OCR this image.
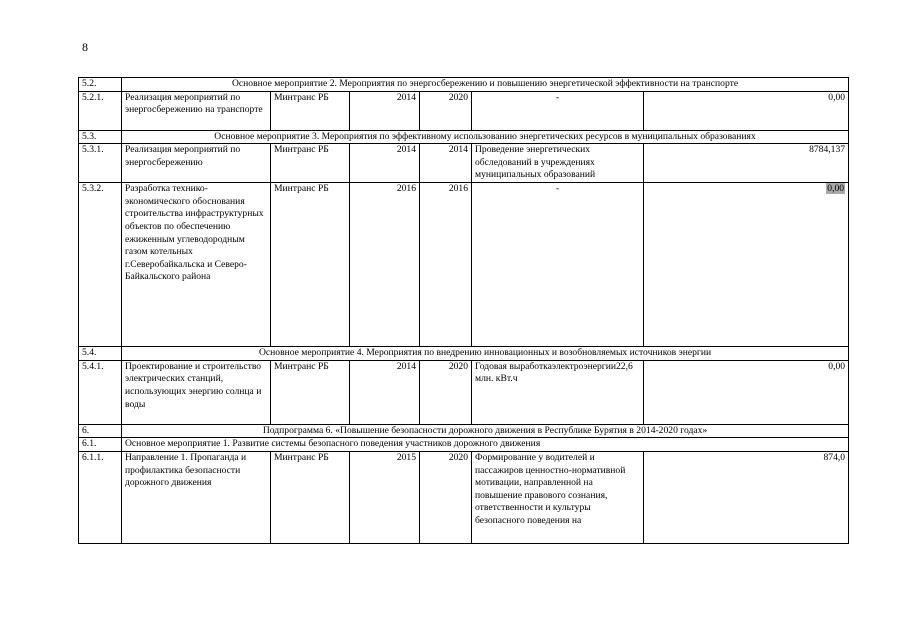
8
5.2.	Основное мероприятие 2. Мероприятия по энергосбережению и повышению энергетической эффективности на транспорте					
5.2.1.	Реализация мероприятий по энергосбережению на транспорте	Минтранс РБ	2014	2020	-	0,00
5.3.	Основное мероприятие 3. Мероприятия по эффективному использованию энергетических ресурсов в муниципальных образованиях					
5.3.1.	Реализация мероприятий по энергосбережению	Минтранс РБ	2014	2014	Проведение энергетических обследований в учреждениях муниципальных образований	8784,137
5.3.2.	Разработка технико-экономического обоснования строительства инфраструктурных объектов по обеспечению ежиженным углеводородным газом котельных г.Северобайкальска и Северо-Байкальского района	Минтранс РБ	2016	2016	-	0,00
5.4.	Основное мероприятие 4. Мероприятия по внедрению инновационных и возобновляемых источников энергии					
5.4.1.	Проектирование и строительство электрических станций, использующих энергию солнца и воды	Минтранс РБ	2014	2020	Годовая выработкаэлектроэнергии22,6 млн. кВт.ч	0,00
6.	Подпрограмма 6. «Повышение безопасности дорожного движения в Республике Бурятия в 2014-2020 годах»					
6.1.	Основное мероприятие 1. Развитие системы безопасного поведения участников дорожного движения					
6.1.1.	Направление 1. Пропаганда и профилактика безопасности дорожного движения	Минтранс РБ	2015	2020	Формирование у водителей и пассажиров ценностно-нормативной мотивации, направленной на повышение правового сознания, ответственности и культуры безопасного поведения на	874,0
